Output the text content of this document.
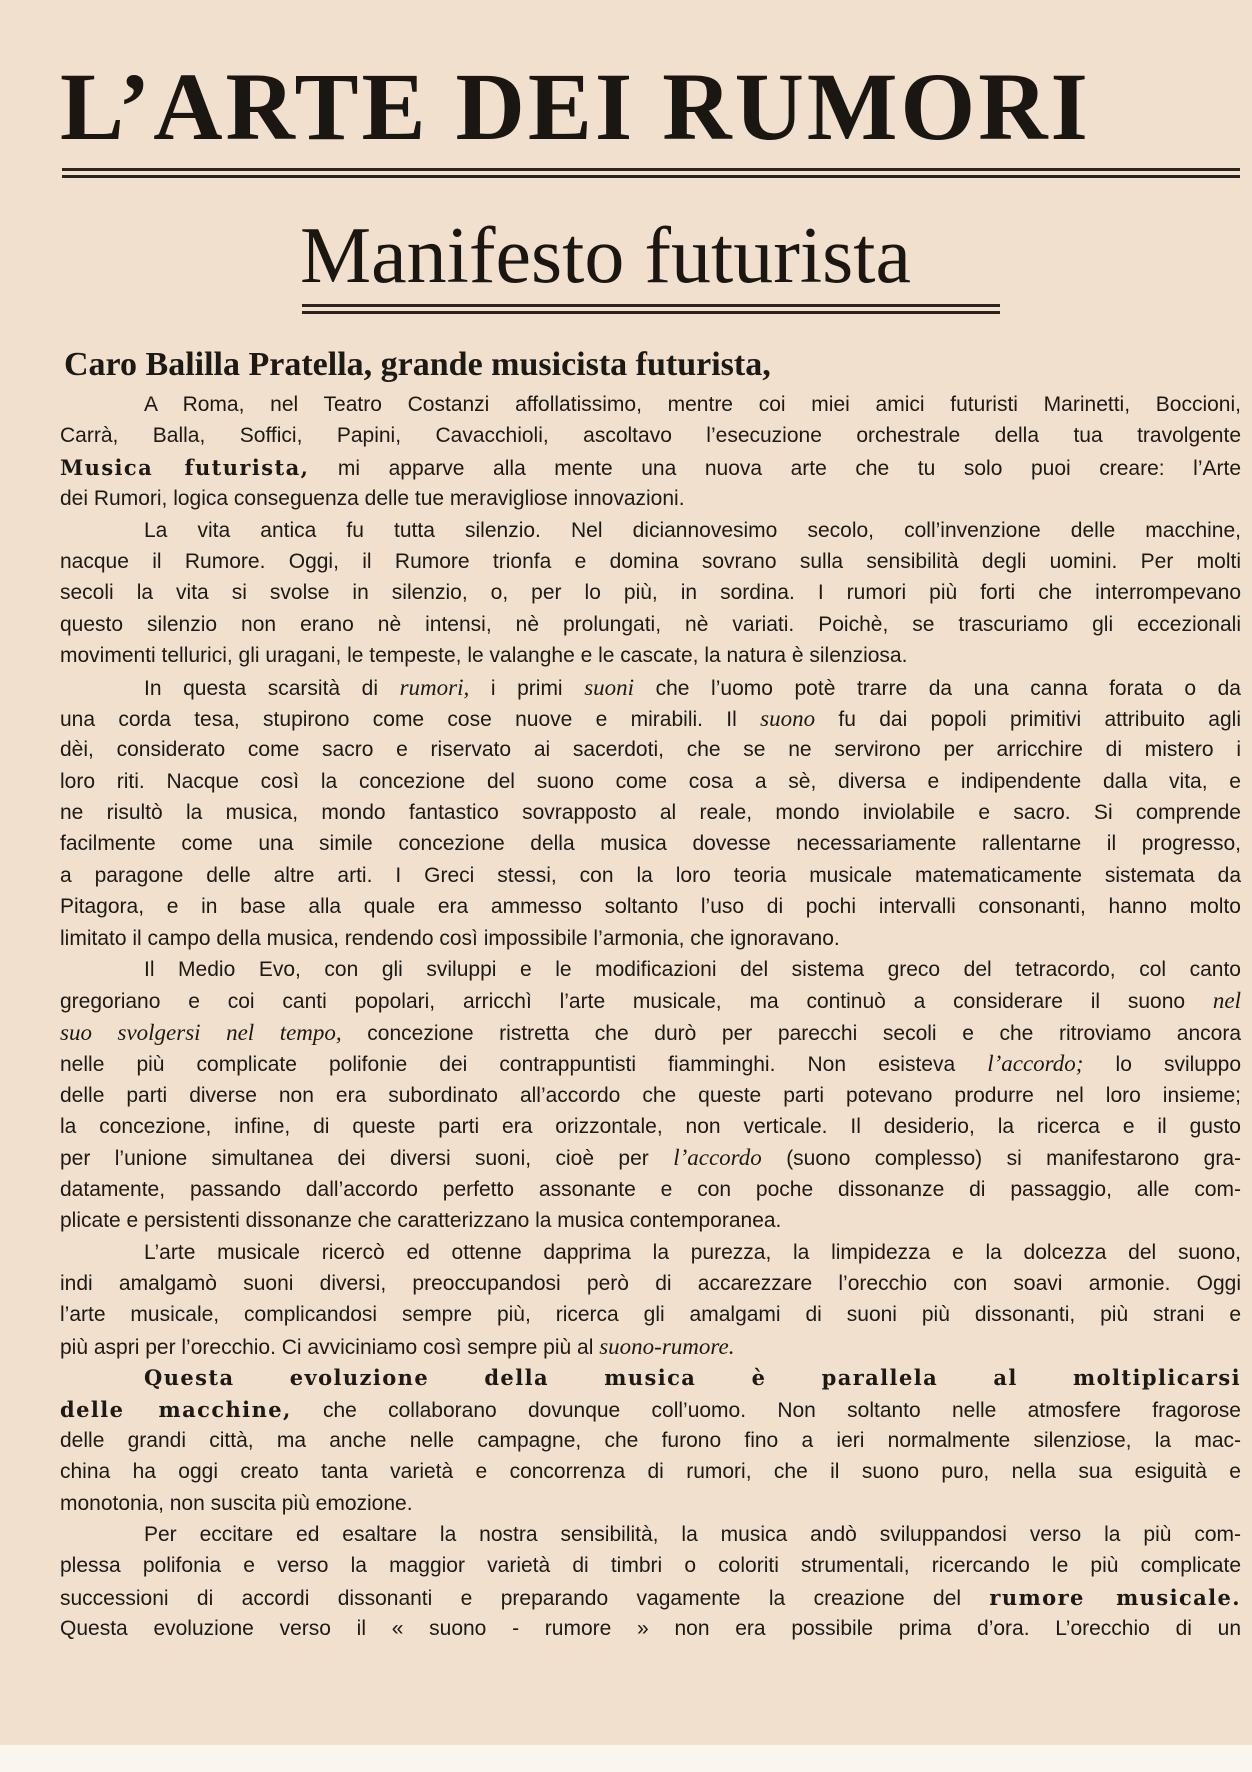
L’ARTE DEI RUMORI
Manifesto futurista
Caro Balilla Pratella, grande musicista futurista,
A Roma, nel Teatro Costanzi affollatissimo, mentre coi miei amici futuristi Marinetti, Boccioni,
Carrà, Balla, Soffici, Papini, Cavacchioli, ascoltavo l’esecuzione orchestrale della tua travolgente
Musica futurista, mi apparve alla mente una nuova arte che tu solo puoi creare: l’Arte
dei Rumori, logica conseguenza delle tue meravigliose innovazioni.
La vita antica fu tutta silenzio. Nel diciannovesimo secolo, coll’invenzione delle macchine,
nacque il Rumore. Oggi, il Rumore trionfa e domina sovrano sulla sensibilità degli uomini. Per molti
secoli la vita si svolse in silenzio, o, per lo più, in sordina. I rumori più forti che interrompevano
questo silenzio non erano nè intensi, nè prolungati, nè variati. Poichè, se trascuriamo gli eccezionali
movimenti tellurici, gli uragani, le tempeste, le valanghe e le cascate, la natura è silenziosa.
In questa scarsità di rumori, i primi suoni che l’uomo potè trarre da una canna forata o da
una corda tesa, stupirono come cose nuove e mirabili. Il suono fu dai popoli primitivi attribuito agli
dèi, considerato come sacro e riservato ai sacerdoti, che se ne servirono per arricchire di mistero i
loro riti. Nacque così la concezione del suono come cosa a sè, diversa e indipendente dalla vita, e
ne risultò la musica, mondo fantastico sovrapposto al reale, mondo inviolabile e sacro. Si comprende
facilmente come una simile concezione della musica dovesse necessariamente rallentarne il progresso,
a paragone delle altre arti. I Greci stessi, con la loro teoria musicale matematicamente sistemata da
Pitagora, e in base alla quale era ammesso soltanto l’uso di pochi intervalli consonanti, hanno molto
limitato il campo della musica, rendendo così impossibile l’armonia, che ignoravano.
Il Medio Evo, con gli sviluppi e le modificazioni del sistema greco del tetracordo, col canto
gregoriano e coi canti popolari, arricchì l’arte musicale, ma continuò a considerare il suono nel
suo svolgersi nel tempo, concezione ristretta che durò per parecchi secoli e che ritroviamo ancora
nelle più complicate polifonie dei contrappuntisti fiamminghi. Non esisteva l’accordo; lo sviluppo
delle parti diverse non era subordinato all’accordo che queste parti potevano produrre nel loro insieme;
la concezione, infine, di queste parti era orizzontale, non verticale. Il desiderio, la ricerca e il gusto
per l’unione simultanea dei diversi suoni, cioè per l’accordo (suono complesso) si manifestarono gra-
datamente, passando dall’accordo perfetto assonante e con poche dissonanze di passaggio, alle com-
plicate e persistenti dissonanze che caratterizzano la musica contemporanea.
L’arte musicale ricercò ed ottenne dapprima la purezza, la limpidezza e la dolcezza del suono,
indi amalgamò suoni diversi, preoccupandosi però di accarezzare l’orecchio con soavi armonie. Oggi
l’arte musicale, complicandosi sempre più, ricerca gli amalgami di suoni più dissonanti, più strani e
più aspri per l’orecchio. Ci avviciniamo così sempre più al suono-rumore.
Questa evoluzione della musica è parallela al moltiplicarsi
delle macchine, che collaborano dovunque coll’uomo. Non soltanto nelle atmosfere fragorose
delle grandi città, ma anche nelle campagne, che furono fino a ieri normalmente silenziose, la mac-
china ha oggi creato tanta varietà e concorrenza di rumori, che il suono puro, nella sua esiguità e
monotonia, non suscita più emozione.
Per eccitare ed esaltare la nostra sensibilità, la musica andò sviluppandosi verso la più com-
plessa polifonia e verso la maggior varietà di timbri o coloriti strumentali, ricercando le più complicate
successioni di accordi dissonanti e preparando vagamente la creazione del rumore musicale.
Questa evoluzione verso il « suono - rumore » non era possibile prima d’ora. L’orecchio di un
